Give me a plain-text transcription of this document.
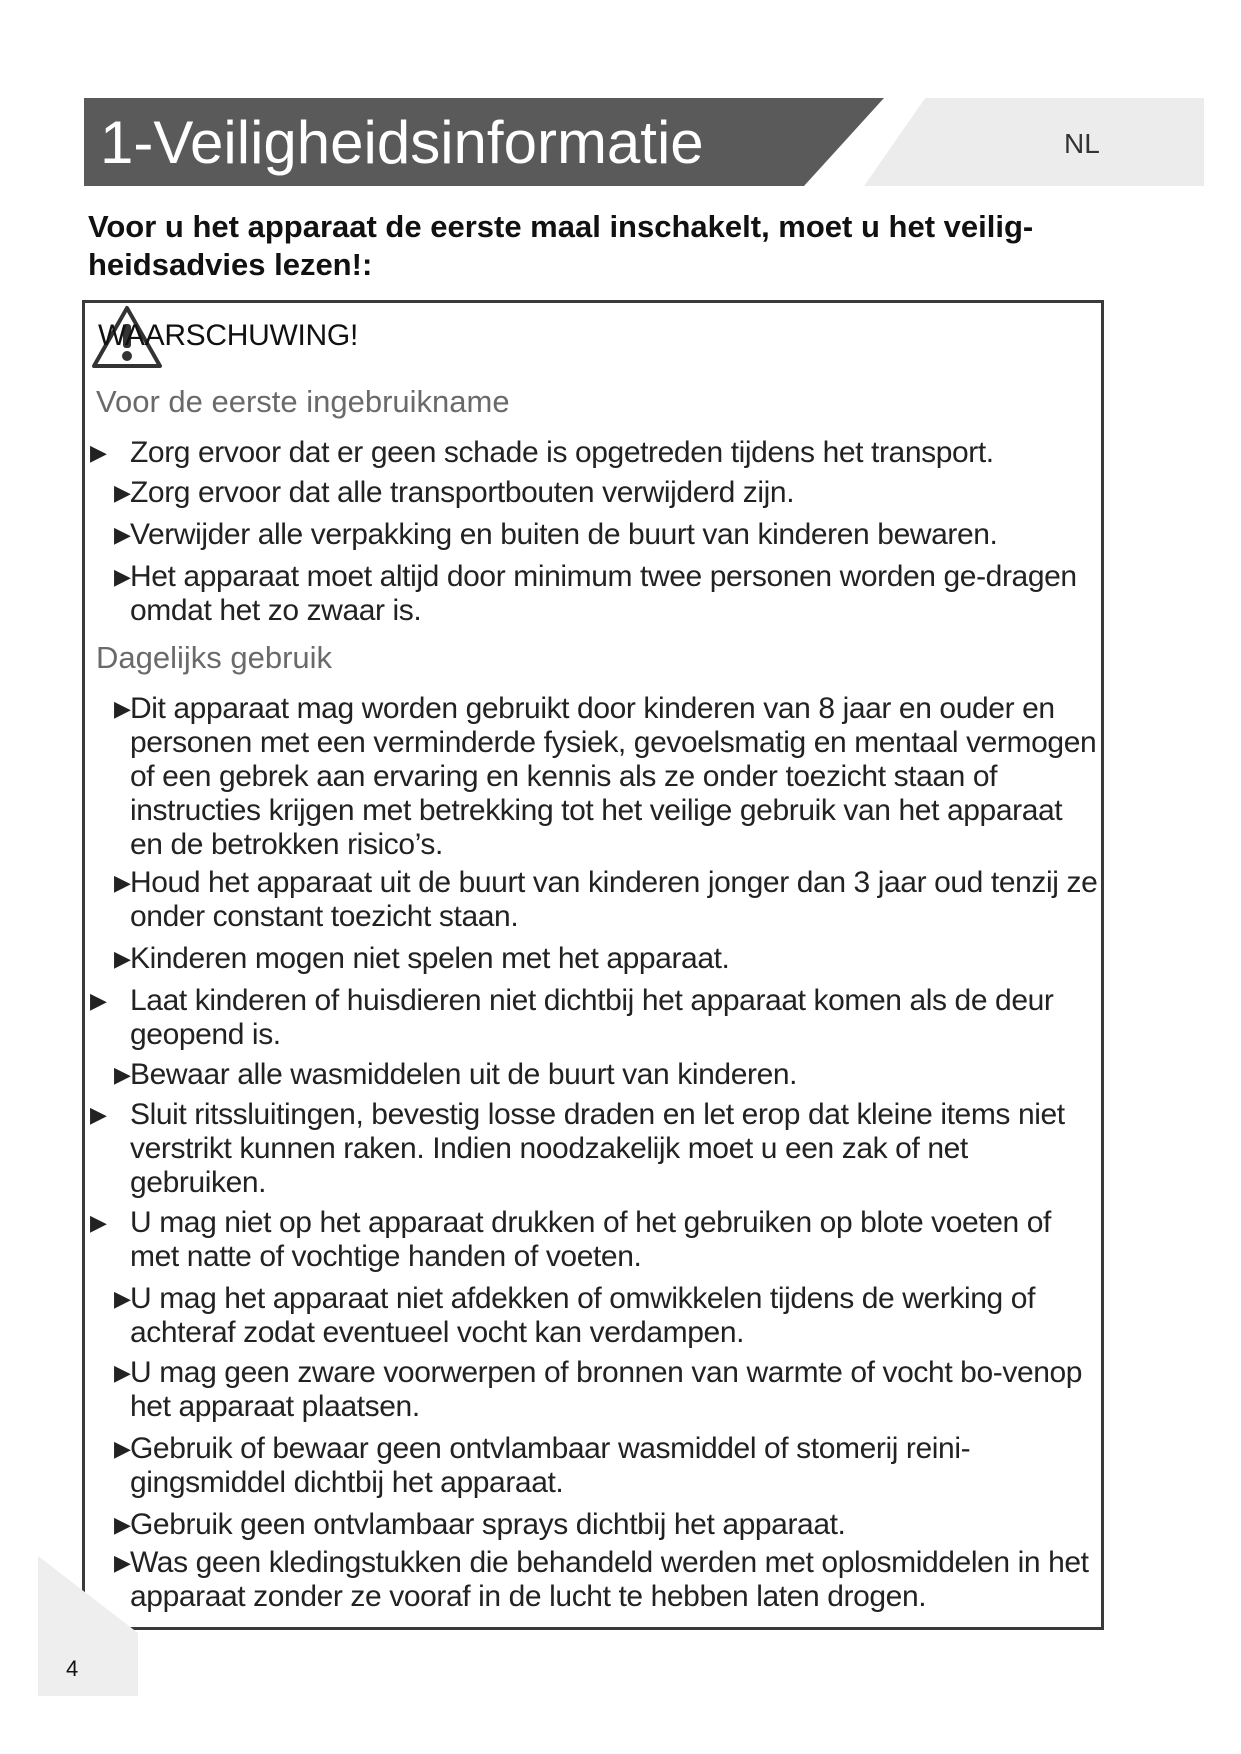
1-Veiligheidsinformatie	NL
Voor u het apparaat de eerste maal inschakelt, moet u het veilig-heidsadvies lezen!:
WAARSCHUWING!
Voor de eerste ingebruikname
▶ Zorg ervoor dat er geen schade is opgetreden tijdens het transport.
▶ Zorg ervoor dat alle transportbouten verwijderd zijn.
▶ Verwijder alle verpakking en buiten de buurt van kinderen bewaren.
▶ Het apparaat moet altijd door minimum twee personen worden ge-dragen omdat het zo zwaar is.
Dagelijks gebruik
▶ Dit apparaat mag worden gebruikt door kinderen van 8 jaar en ouder en personen met een verminderde fysiek, gevoelsmatig en mentaal vermogen of een gebrek aan ervaring en kennis als ze onder toezicht staan of instructies krijgen met betrekking tot het veilige gebruik van het apparaat en de betrokken risico’s.
▶ Houd het apparaat uit de buurt van kinderen jonger dan 3 jaar oud tenzij ze onder constant toezicht staan.
▶ Kinderen mogen niet spelen met het apparaat.
▶ Laat kinderen of huisdieren niet dichtbij het apparaat komen als de deur geopend is.
▶ Bewaar alle wasmiddelen uit de buurt van kinderen.
▶ Sluit ritssluitingen, bevestig losse draden en let erop dat kleine items niet verstrikt kunnen raken. Indien noodzakelijk moet u een zak of net gebruiken.
▶ U mag niet op het apparaat drukken of het gebruiken op blote voeten of met natte of vochtige handen of voeten.
▶ U mag het apparaat niet afdekken of omwikkelen tijdens de werking of achteraf zodat eventueel vocht kan verdampen.
▶ U mag geen zware voorwerpen of bronnen van warmte of vocht bo-venop het apparaat plaatsen.
▶ Gebruik of bewaar geen ontvlambaar wasmiddel of stomerij reini-gingsmiddel dichtbij het apparaat.
▶ Gebruik geen ontvlambaar sprays dichtbij het apparaat.
▶ Was geen kledingstukken die behandeld werden met oplosmiddelen in het apparaat zonder ze vooraf in de lucht te hebben laten drogen.
4
